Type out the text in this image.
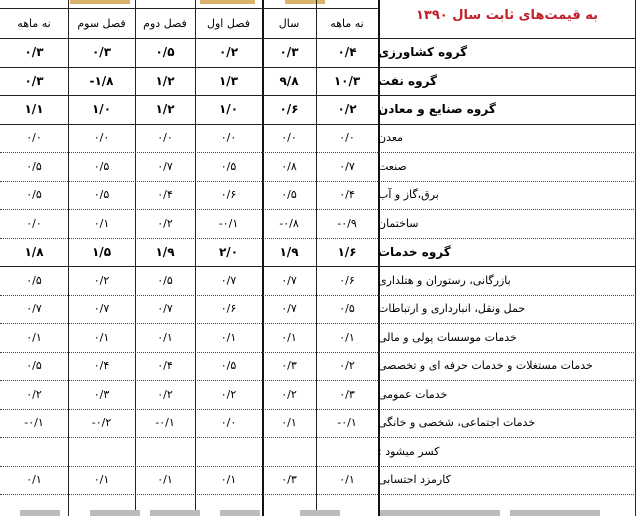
به قیمت‌های ثابت سال ۱۳۹۰
نه ماهه
سال
فصل اول
فصل دوم
فصل سوم
نه ماهه
گروه کشاورزی
۰/۴
۰/۳
۰/۲
۰/۵
۰/۳
۰/۳
گروه نفت
۱۰/۳
۹/۸
۱/۳
۱/۲
-۱/۸
۰/۳
گروه صنایع و معادن
۰/۲
۰/۶
۱/۰
۱/۲
۱/۰
۱/۱
معدن
۰/۰
۰/۰
۰/۰
۰/۰
۰/۰
۰/۰
صنعت
۰/۷
۰/۸
۰/۵
۰/۷
۰/۵
۰/۵
برق،گاز و آب
۰/۴
۰/۵
۰/۶
۰/۴
۰/۵
۰/۵
ساختمان
-۰/۹
-۰/۸
-۰/۱
۰/۲
۰/۱
۰/۰
گروه خدمات
۱/۶
۱/۹
۲/۰
۱/۹
۱/۵
۱/۸
بازرگانی، رستوران و هتلداری
۰/۶
۰/۷
۰/۷
۰/۵
۰/۲
۰/۵
حمل ونقل، انبارداری و ارتباطات
۰/۵
۰/۷
۰/۶
۰/۷
۰/۷
۰/۷
خدمات موسسات پولی و مالی
۰/۱
۰/۱
۰/۱
۰/۱
۰/۱
۰/۱
خدمات مستغلات و خدمات حرفه ای و تخصصی
۰/۲
۰/۳
۰/۵
۰/۴
۰/۴
۰/۵
خدمات عمومی
۰/۳
۰/۲
۰/۲
۰/۲
۰/۳
۰/۲
خدمات اجتماعی، شخصی و خانگی
-۰/۱
۰/۱
۰/۰
-۰/۱
-۰/۲
-۰/۱
کسر میشود :
کارمزد احتسابی
۰/۱
۰/۳
۰/۱
۰/۱
۰/۱
۰/۱
